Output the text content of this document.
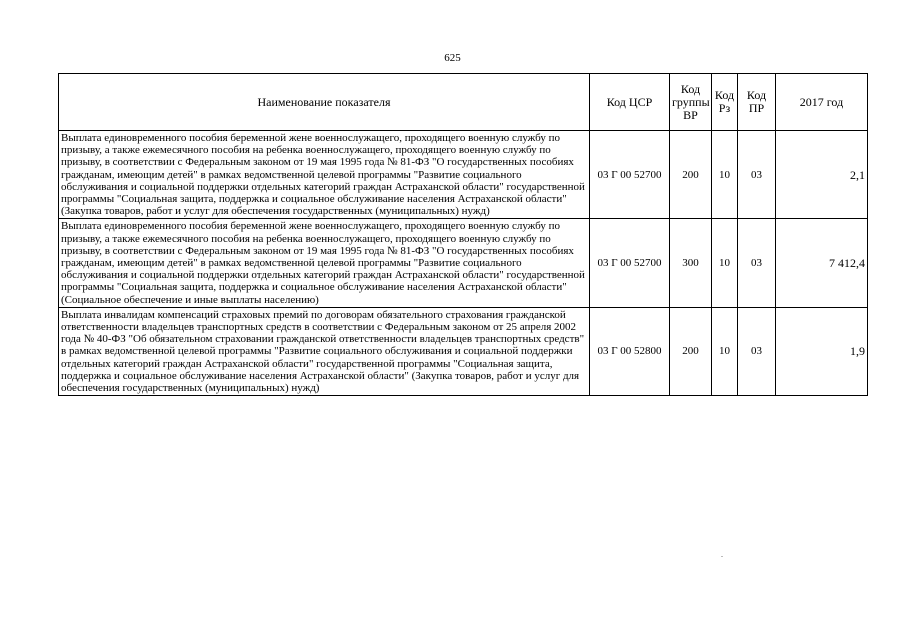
625
Наименование показателя	Код ЦСР	Код группы ВР	Код Рз	Код ПР	2017 год
Выплата единовременного пособия беременной жене военнослужащего, проходящего военную службу по призыву, а также ежемесячного пособия на ребенка военнослужащего, проходящего военную службу по призыву, в соответствии с Федеральным законом от 19 мая 1995 года № 81-ФЗ "О государственных пособиях гражданам, имеющим детей" в рамках ведомственной целевой программы "Развитие социального обслуживания и социальной поддержки отдельных категорий граждан Астраханской области" государственной программы "Социальная защита, поддержка и социальное обслуживание населения Астраханской области" (Закупка товаров, работ и услуг для обеспечения государственных (муниципальных) нужд)	03 Г 00 52700	200	10	03	2,1
Выплата единовременного пособия беременной жене военнослужащего, проходящего военную службу по призыву, а также ежемесячного пособия на ребенка военнослужащего, проходящего военную службу по призыву, в соответствии с Федеральным законом от 19 мая 1995 года № 81-ФЗ "О государственных пособиях гражданам, имеющим детей" в рамках ведомственной целевой программы "Развитие социального обслуживания и социальной поддержки отдельных категорий граждан Астраханской области" государственной программы "Социальная защита, поддержка и социальное обслуживание населения Астраханской области" (Социальное обеспечение и иные выплаты населению)	03 Г 00 52700	300	10	03	7 412,4
Выплата инвалидам компенсаций страховых премий по договорам обязательного страхования гражданской ответственности владельцев транспортных средств в соответствии с Федеральным законом от 25 апреля 2002 года № 40-ФЗ "Об обязательном страховании гражданской ответственности владельцев транспортных средств" в рамках ведомственной целевой программы "Развитие социального обслуживания и социальной поддержки отдельных категорий граждан Астраханской области" государственной программы "Социальная защита, поддержка и социальное обслуживание населения Астраханской области" (Закупка товаров, работ и услуг для обеспечения государственных (муниципальных) нужд)	03 Г 00 52800	200	10	03	1,9
